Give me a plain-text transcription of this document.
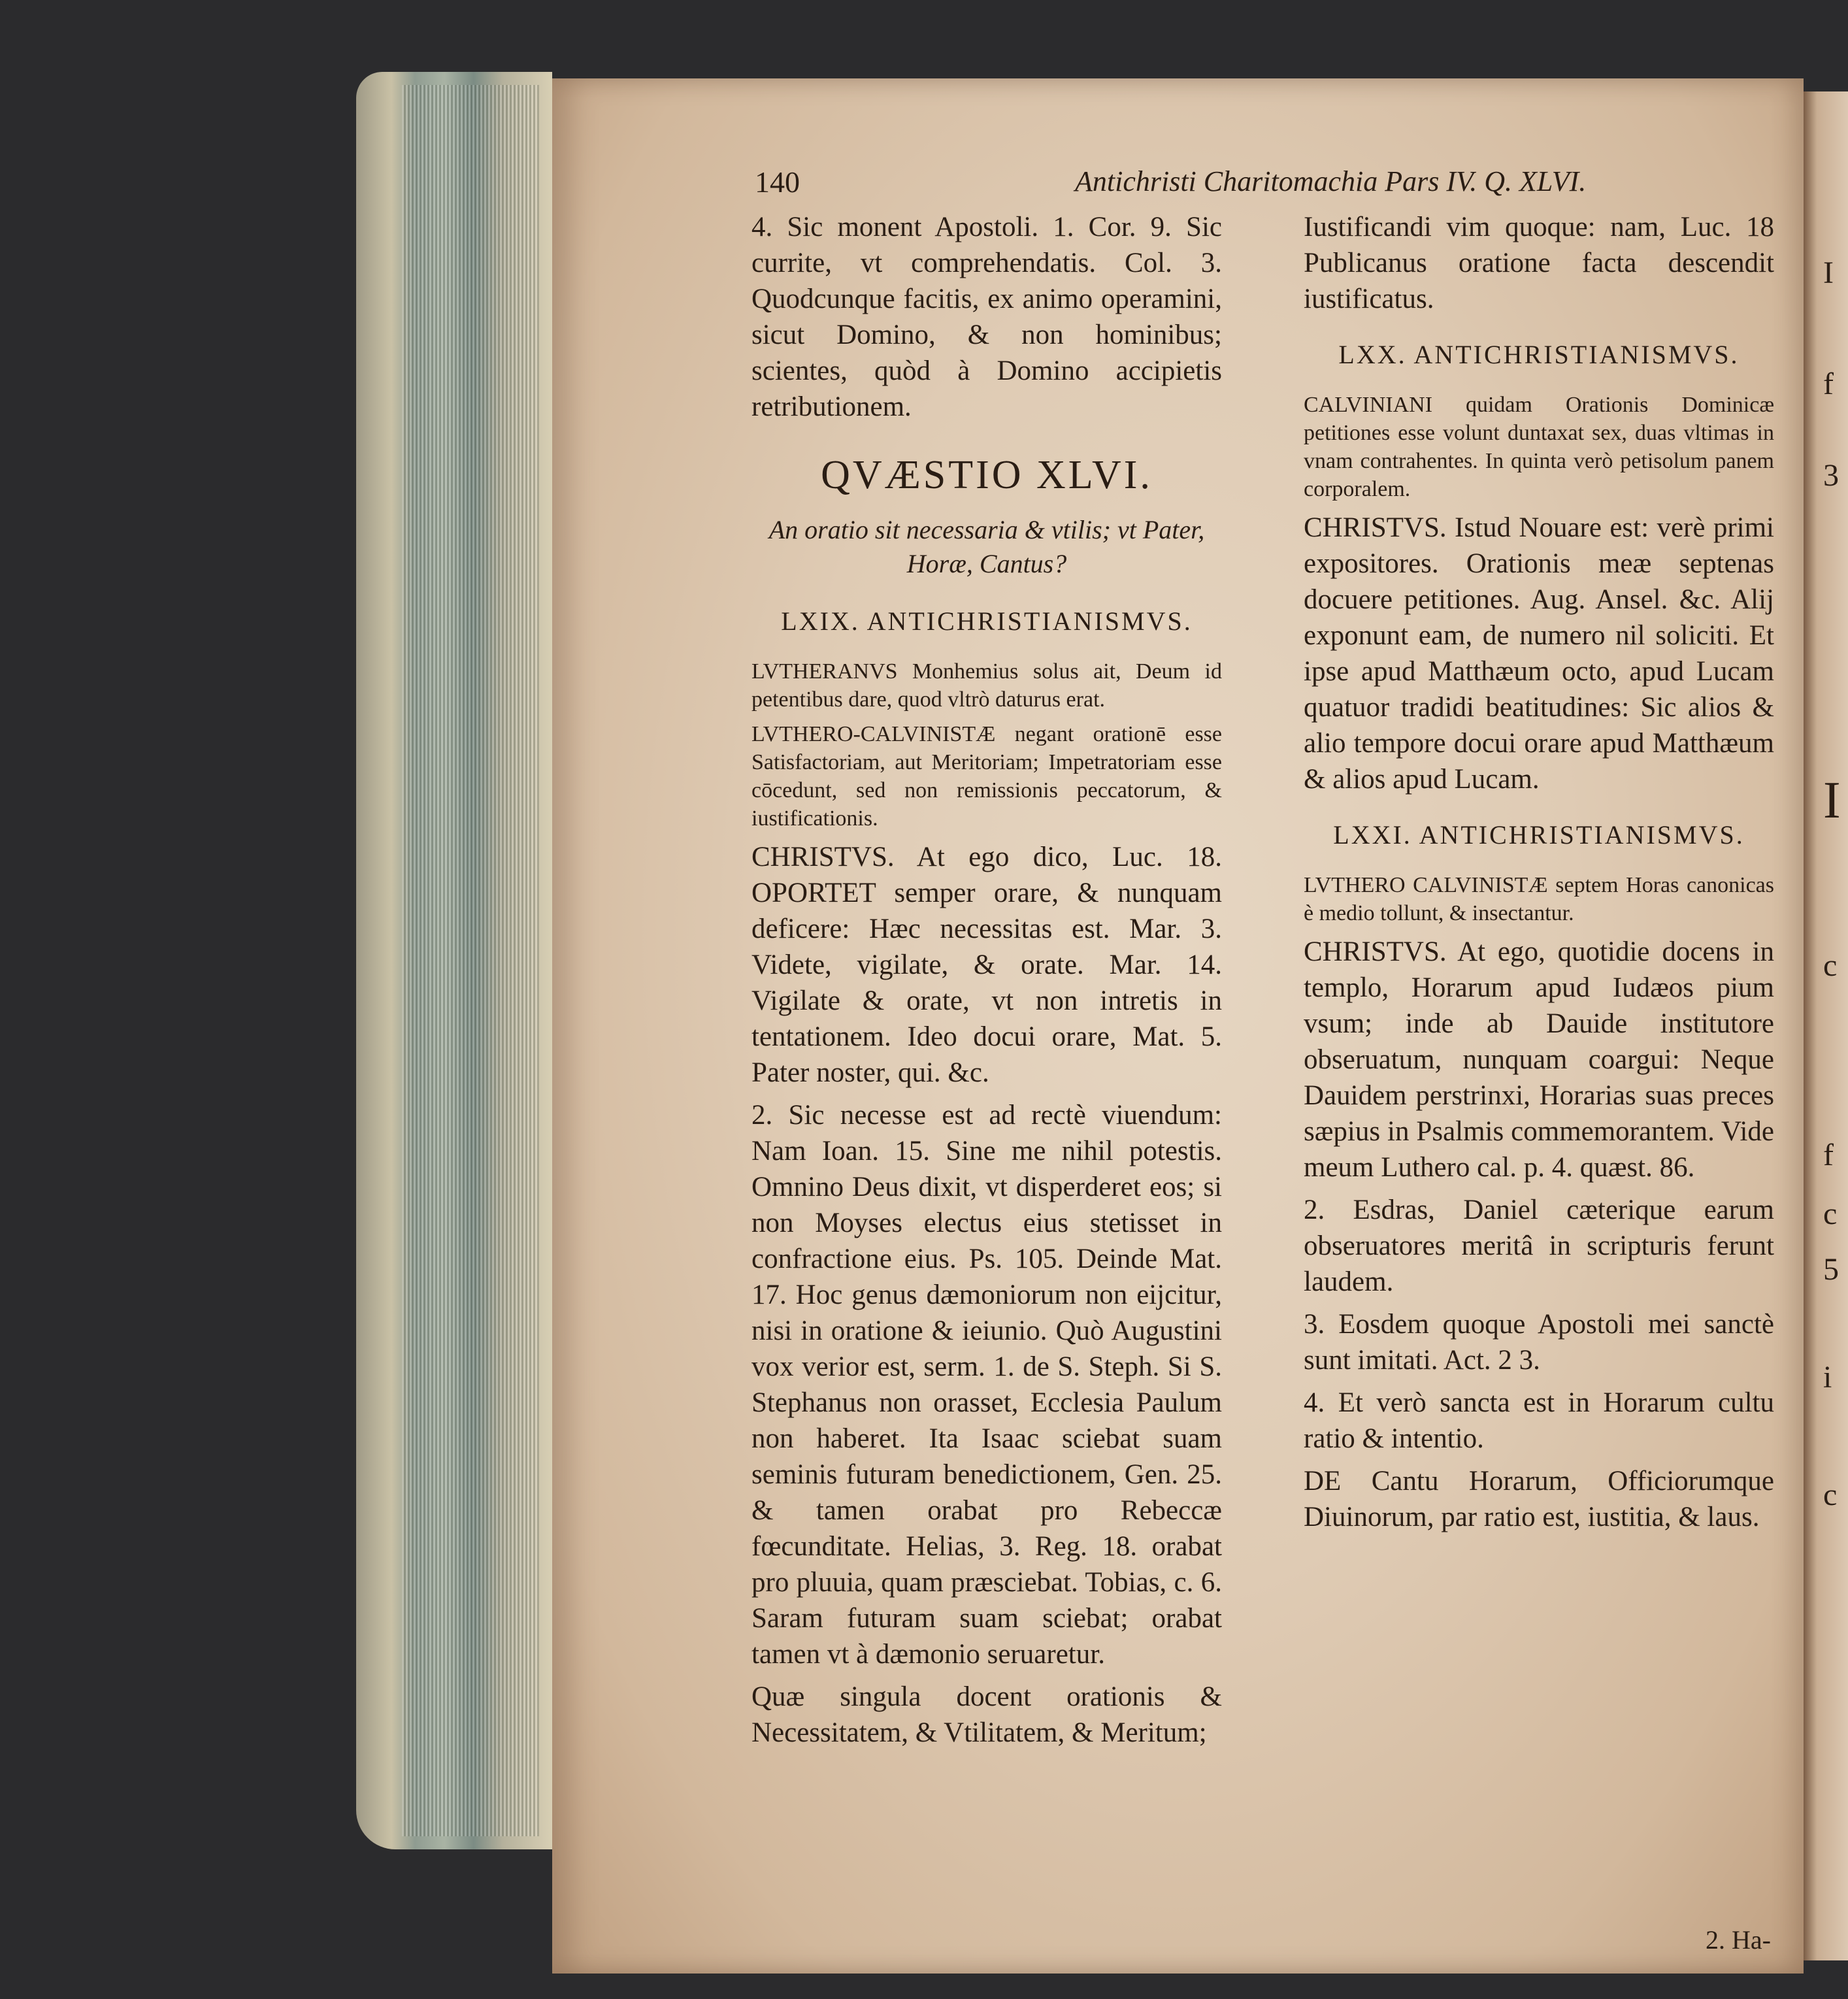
I
f
3
I
c
f
c
5
i
c
140	Antichristi Charitomachia Pars IV. Q. XLVI.

4. Sic monent Apostoli. 1. Cor. 9. Sic currite, vt comprehendatis. Col. 3. Quodcunque facitis, ex animo operamini, sicut Domino, & non hominibus; scientes, quòd à Domino accipietis retributionem.

QVÆSTIO XLVI.
An oratio sit necessaria & vtilis; vt Pater, Horæ, Cantus?
LXIX. ANTICHRISTIANISMVS.

LVTHERANVS Monhemius solus ait, Deum id petentibus dare, quod vltrò daturus erat.

LVTHERO-CALVINISTÆ negant orationē esse Satisfactoriam, aut Meritoriam; Impetratoriam esse cōcedunt, sed non remissionis peccatorum, & iustificationis.

CHRISTVS. At ego dico, Luc. 18. OPORTET semper orare, & nunquam deficere: Hæc necessitas est. Mar. 3. Videte, vigilate, & orate. Mar. 14. Vigilate & orate, vt non intretis in tentationem. Ideo docui orare, Mat. 5. Pater noster, qui. &c.

2. Sic necesse est ad rectè viuendum: Nam Ioan. 15. Sine me nihil potestis. Omnino Deus dixit, vt disperderet eos; si non Moyses electus eius stetisset in confractione eius. Ps. 105. Deinde Mat. 17. Hoc genus dæmoniorum non eijcitur, nisi in oratione & ieiunio. Quò Augustini vox verior est, serm. 1. de S. Steph. Si S. Stephanus non orasset, Ecclesia Paulum non haberet. Ita Isaac sciebat suam seminis futuram benedictionem, Gen. 25. & tamen orabat pro Rebeccæ fœcunditate. Helias, 3. Reg. 18. orabat pro pluuia, quam præsciebat. Tobias, c. 6. Saram futuram suam sciebat; orabat tamen vt à dæmonio seruaretur.

Quæ singula docent orationis & Necessitatem, & Vtilitatem, & Meritum;

Iustificandi vim quoque: nam, Luc. 18 Publicanus oratione facta descendit iustificatus.

LXX. ANTICHRISTIANISMVS.

CALVINIANI quidam Orationis Dominicæ petitiones esse volunt duntaxat sex, duas vltimas in vnam contrahentes. In quinta verò petisolum panem corporalem.

CHRISTVS. Istud Nouare est: verè primi expositores. Orationis meæ septenas docuere petitiones. Aug. Ansel. &c. Alij exponunt eam, de numero nil soliciti. Et ipse apud Matthæum octo, apud Lucam quatuor tradidi beatitudines: Sic alios & alio tempore docui orare apud Matthæum & alios apud Lucam.

LXXI. ANTICHRISTIANISMVS.

LVTHERO CALVINISTÆ septem Horas canonicas è medio tollunt, & insectantur.

CHRISTVS. At ego, quotidie docens in templo, Horarum apud Iudæos pium vsum; inde ab Dauide institutore obseruatum, nunquam coargui: Neque Dauidem perstrinxi, Horarias suas preces sæpius in Psalmis commemorantem. Vide meum Luthero cal. p. 4. quæst. 86.

2. Esdras, Daniel cæterique earum obseruatores meritâ in scripturis ferunt laudem.

3. Eosdem quoque Apostoli mei sanctè sunt imitati. Act. 2 3.

4. Et verò sancta est in Horarum cultu ratio & intentio.

DE Cantu Horarum, Officiorumque Diuinorum, par ratio est, iustitia, & laus.

2. Ha-
